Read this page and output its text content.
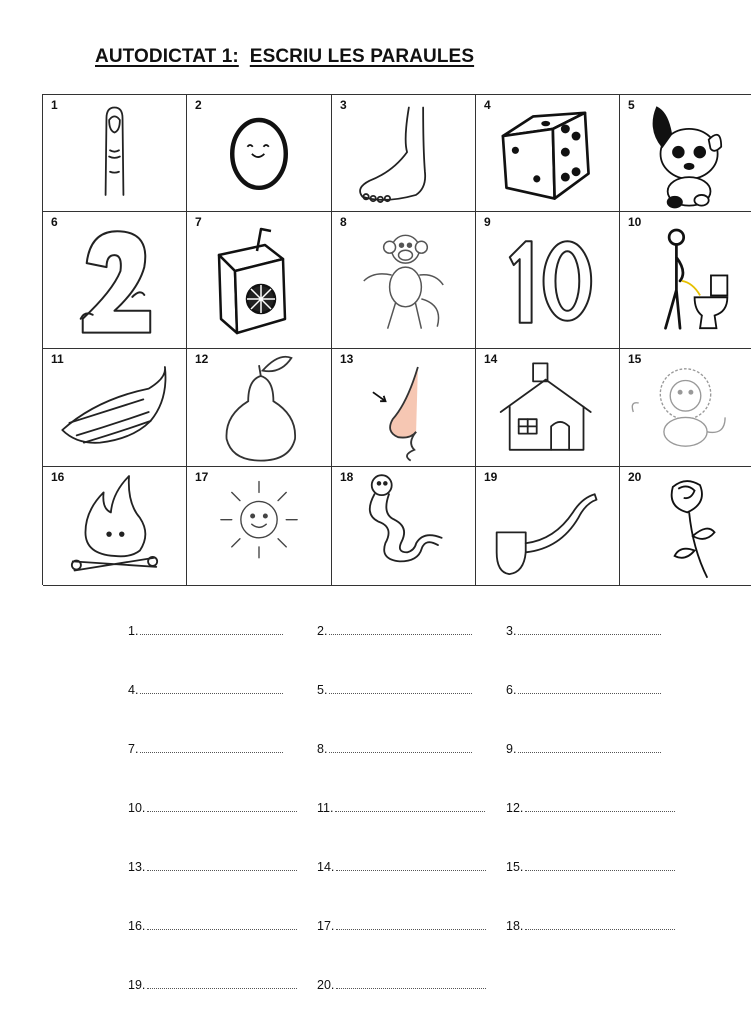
AUTODICTAT 1: ESCRIU LES PARAULES
1	2	3	4	5
6	7	8	9	10
11	12	13	14	15
16	17	18	19	20
1.	2.	3.
4.	5.	6.
7.	8.	9.
10.	11.	12.
13.	14.	15.
16.	17.	18.
19.	20.
